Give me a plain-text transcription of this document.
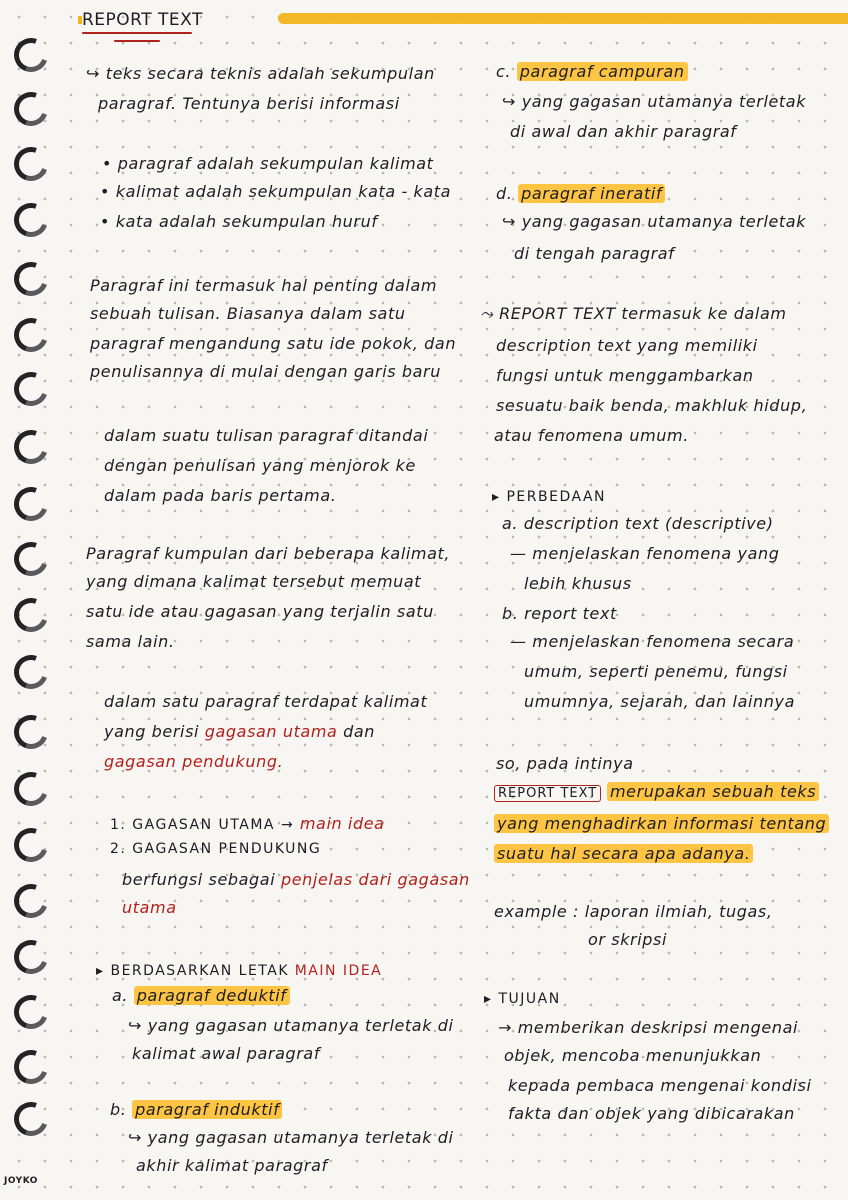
JOYKO
REPORT TEXT
↪ teks secara teknis adalah sekumpulan
paragraf. Tentunya berisi informasi
• paragraf adalah sekumpulan kalimat
• kalimat adalah sekumpulan kata - kata
• kata adalah sekumpulan huruf
Paragraf ini termasuk hal penting dalam
sebuah tulisan. Biasanya dalam satu
paragraf mengandung satu ide pokok, dan
penulisannya di mulai dengan garis baru
dalam suatu tulisan paragraf ditandai
dengan penulisan yang menjorok ke
dalam pada baris pertama.
Paragraf kumpulan dari beberapa kalimat,
yang dimana kalimat tersebut memuat
satu ide atau gagasan yang terjalin satu
sama lain.
dalam satu paragraf terdapat kalimat
yang berisi gagasan utama dan
gagasan pendukung.
1. GAGASAN UTAMA → main idea
2. GAGASAN PENDUKUNG
berfungsi sebagai penjelas dari gagasan
utama
▸ BERDASARKAN LETAK MAIN IDEA
a. paragraf deduktif
↪ yang gagasan utamanya terletak di
kalimat awal paragraf
b. paragraf induktif
↪ yang gagasan utamanya terletak di
akhir kalimat paragraf
c. paragraf campuran
↪ yang gagasan utamanya terletak
di awal dan akhir paragraf
d. paragraf ineratif
↪ yang gagasan utamanya terletak
di tengah paragraf
⤳ REPORT TEXT termasuk ke dalam
description text yang memiliki
fungsi untuk menggambarkan
sesuatu baik benda, makhluk hidup,
atau fenomena umum.
▸ PERBEDAAN
a. description text (descriptive)
— menjelaskan fenomena yang
lebih khusus
b. report text
— menjelaskan fenomena secara
umum, seperti penemu, fungsi
umumnya, sejarah, dan lainnya
so, pada intinya
REPORT TEXT merupakan sebuah teks
yang menghadirkan informasi tentang
suatu hal secara apa adanya.
example : laporan ilmiah, tugas,
or skripsi
▸ TUJUAN
→ memberikan deskripsi mengenai
objek, mencoba menunjukkan
kepada pembaca mengenai kondisi
fakta dan objek yang dibicarakan
